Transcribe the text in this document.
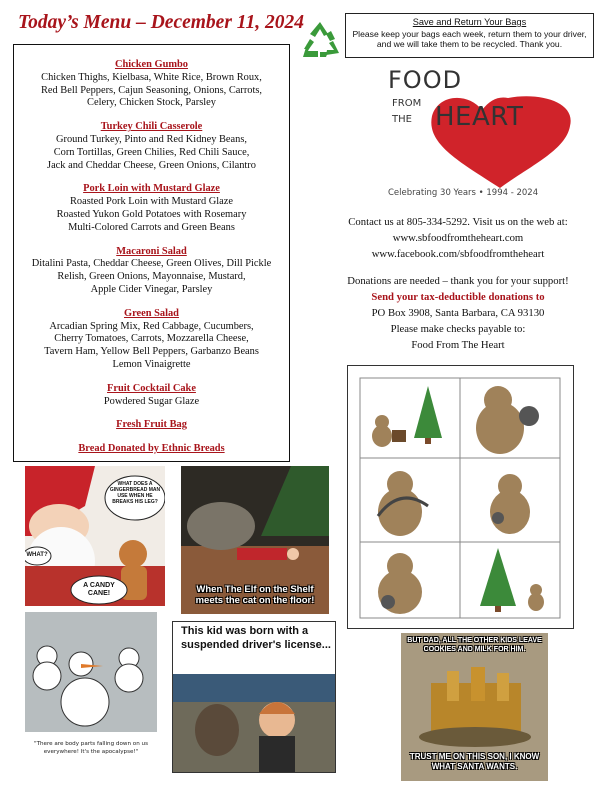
Today’s Menu – December 11, 2024	Save and Return Your Bags
Please keep your bags each week, return them to your driver, and we will take them to be recycled. Thank you.
Chicken Gumbo
Chicken Thighs, Kielbasa, White Rice, Brown Roux,
Red Bell Peppers, Cajun Seasoning, Onions, Carrots,
Celery, Chicken Stock, Parsley
Turkey Chili Casserole
Ground Turkey, Pinto and Red Kidney Beans,
Corn Tortillas, Green Chilies, Red Chili Sauce,
Jack and Cheddar Cheese, Green Onions, Cilantro
Pork Loin with Mustard Glaze
Roasted Pork Loin with Mustard Glaze
Roasted Yukon Gold Potatoes with Rosemary
Multi-Colored Carrots and Green Beans
Macaroni Salad
Ditalini Pasta, Cheddar Cheese, Green Olives, Dill Pickle
Relish, Green Onions, Mayonnaise, Mustard,
Apple Cider Vinegar, Parsley
Green Salad
Arcadian Spring Mix, Red Cabbage, Cucumbers,
Cherry Tomatoes, Carrots, Mozzarella Cheese,
Tavern Ham, Yellow Bell Peppers, Garbanzo Beans
Lemon Vinaigrette
Fruit Cocktail Cake
Powdered Sugar Glaze
Fresh Fruit Bag
Bread Donated by Ethnic Breads
FOOD
FROM
THE HEART
Celebrating 30 Years • 1994 - 2024
Contact us at 805-334-5292. Visit us on the web at:
www.sbfoodfromtheheart.com
www.facebook.com/sbfoodfromtheheart
Donations are needed – thank you for your support!
Send your tax-deductible donations to
PO Box 3908, Santa Barbara, CA 93130
Please make checks payable to:
Food From The Heart
WHAT DOES A GINGERBREAD MAN USE WHEN HE BREAKS HIS LEG?
WHAT?
A CANDY CANE!	When The Elf on the Shelf meets the cat on the floor!
"There are body parts falling down on us everywhere! It's the apocalypse!"
This kid was born with a suspended driver's license...	BUT DAD, ALL THE OTHER KIDS LEAVE COOKIES AND MILK FOR HIM.
TRUST ME ON THIS SON, I KNOW WHAT SANTA WANTS.
